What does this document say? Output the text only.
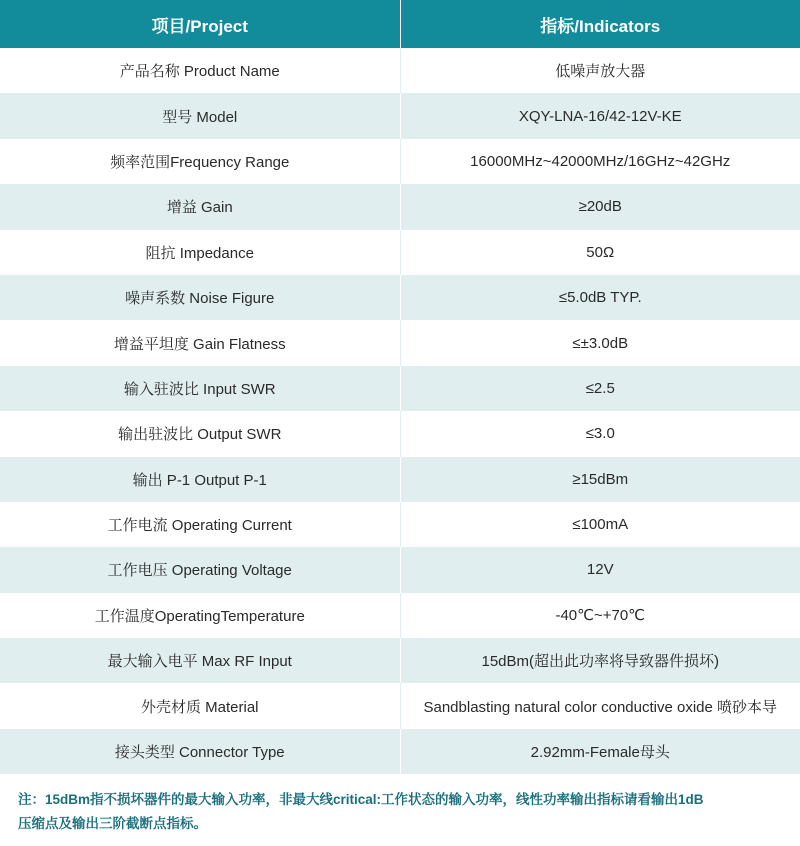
项目/Project	指标/Indicators
产品名称 Product Name	低噪声放大器
型号 Model	XQY-LNA-16/42-12V-KE
频率范围Frequency Range	16000MHz~42000MHz/16GHz~42GHz
增益 Gain	≥20dB
阻抗 Impedance	50Ω
噪声系数 Noise Figure	≤5.0dB TYP.
增益平坦度 Gain Flatness	≤±3.0dB
输入驻波比 Input SWR	≤2.5
输出驻波比 Output SWR	≤3.0
输出 P-1 Output P-1	≥15dBm
工作电流 Operating Current	≤100mA
工作电压 Operating Voltage	12V
工作温度OperatingTemperature	-40℃~+70℃
最大输入电平 Max RF Input	15dBm(超出此功率将导致器件损坏)
外壳材质 Material	Sandblasting natural color conductive oxide 喷砂本导
接头类型 Connector Type	2.92mm-Female母头
注：15dBm指不损坏器件的最大输入功率，非最大线critical:工作状态的输入功率，线性功率输出指标请看输出1dB
压缩点及输出三阶截断点指标。
